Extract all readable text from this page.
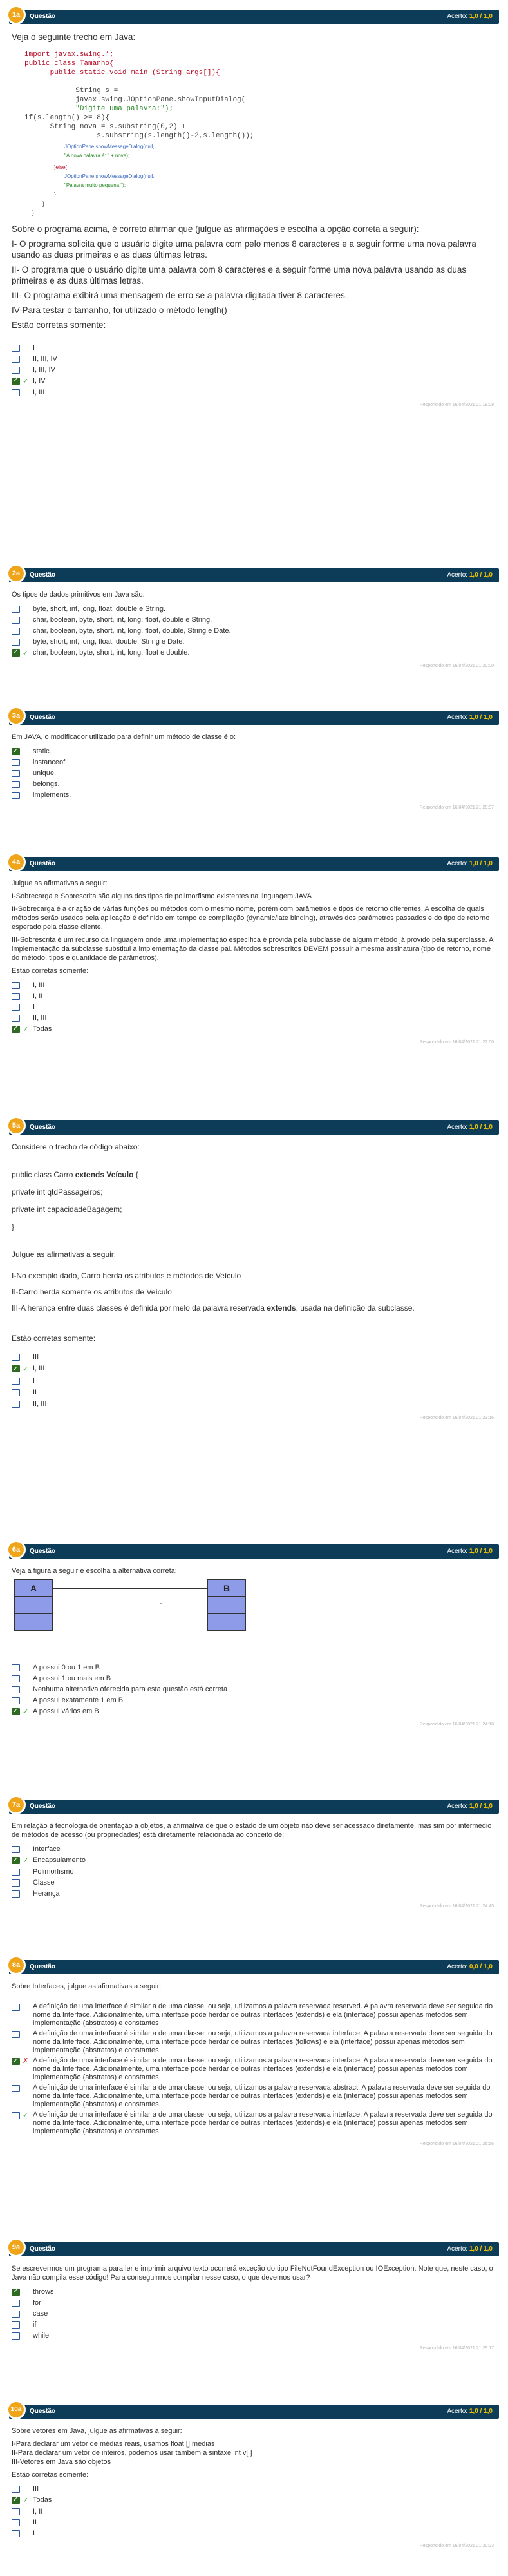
1a	Questão	Acerto: 1,0 / 1,0

Veja o seguinte trecho em Java:

import javax.swing.*;
public class Tamanho{
public static void main (String args[]){

String s =
javax.swing.JOptionPane.showInputDialog(
"Digite uma palavra:");
if(s.length() >= 8){
String nova = s.substring(0,2) +
s.substring(s.length()-2,s.length());

JOptionPane.showMessageDialog(null,
"A nova palavra é: " + nova);
}else{
JOptionPane.showMessageDialog(null,
"Palavra muito pequena.");
}
}
}

Sobre o programa acima, é correto afirmar que (julgue as afirmações e escolha a opção correta a seguir):

I- O programa solicita que o usuário digite uma palavra com pelo menos 8 caracteres e a seguir forme uma nova palavra usando as duas primeiras e as duas últimas letras.

II- O programa que o usuário digite uma palavra com 8 caracteres e a seguir forme uma nova palavra usando as duas primeiras e as duas últimas letras.

III- O programa exibirá uma mensagem de erro se a palavra digitada tiver 8 caracteres.

IV-Para testar o tamanho, foi utilizado o método length()

Estão corretas somente:

I
II, III, IV
I, III, IV
✓
✓ I, IV
I, III
Respondido em 16/04/2021 21:19:08
2a	Questão	Acerto: 1,0 / 1,0

Os tipos de dados primitivos em Java são:

byte, short, int, long, float, double e String.
char, boolean, byte, short, int, long, float, double e String.
char, boolean, byte, short, int, long, float, double, String e Date.
byte, short, int, long, float, double, String e Date.
✓
✓ char, boolean, byte, short, int, long, float e double.
Respondido em 16/04/2021 21:20:00
3a	Questão	Acerto: 1,0 / 1,0

Em JAVA, o modificador utilizado para definir um método de classe é o:

✓
static.
instanceof.
unique.
belongs.
implements.
Respondido em 16/04/2021 21:20:37
4a	Questão	Acerto: 1,0 / 1,0

Julgue as afirmativas a seguir:

I-Sobrecarga e Sobrescrita são alguns dos tipos de polimorfismo existentes na linguagem JAVA

II-Sobrecarga é a criação de várias funções ou métodos com o mesmo nome, porém com parâmetros e tipos de retorno diferentes. A escolha de quais métodos serão usados pela aplicação é definido em tempo de compilação (dynamic/late binding), através dos parâmetros passados e do tipo de retorno esperado pela classe cliente.

III-Sobrescrita é um recurso da linguagem onde uma implementação específica é provida pela subclasse de algum método já provido pela superclasse. A implementação da subclasse substitui a implementação da classe pai. Métodos sobrescritos DEVEM possuir a mesma assinatura (tipo de retorno, nome do método, tipos e quantidade de parâmetros).

Estão corretas somente:

I, III
I, II
I
II, III
✓
✓ Todas
Respondido em 16/04/2021 21:22:00
5a	Questão	Acerto: 1,0 / 1,0

Considere o trecho de código abaixo:

public class Carro extends Veículo {

private int qtdPassageiros;

private int capacidadeBagagem;

}

Julgue as afirmativas a seguir:

I-No exemplo dado, Carro herda os atributos e métodos de Veículo

II-Carro herda somente os atributos de Veículo

III-A herança entre duas classes é definida por melo da palavra reservada extends, usada na definição da subclasse.

Estão corretas somente:

III
✓
✓ I, III
I
II
II, III
Respondido em 16/04/2021 21:23:16
6a	Questão	Acerto: 1,0 / 1,0

Veja a figura a seguir e escolha a alternativa correta:

A
-
B
A possui 0 ou 1 em B
A possui 1 ou mais em B
Nenhuma alternativa oferecida para esta questão está correta
A possui exatamente 1 em B
✓
✓ A possui vários em B
Respondido em 16/04/2021 21:24:18
7a	Questão	Acerto: 1,0 / 1,0

Em relação à tecnologia de orientação a objetos, a afirmativa de que o estado de um objeto não deve ser acessado diretamente, mas sim por intermédio de métodos de acesso (ou propriedades) está diretamente relacionada ao conceito de:

Interface
✓
✓ Encapsulamento
Polimorfismo
Classe
Herança
Respondido em 16/04/2021 21:24:45
8a	Questão	Acerto: 0,0 / 1,0

Sobre Interfaces, julgue as afirmativas a seguir:

A definição de uma interface é similar a de uma classe, ou seja, utilizamos a palavra reservada reserved. A palavra reservada deve ser seguida do nome da Interface. Adicionalmente, uma interface pode herdar de outras interfaces (extends) e ela (interface) possui apenas métodos sem implementação (abstratos) e constantes
A definição de uma interface é similar a de uma classe, ou seja, utilizamos a palavra reservada interface. A palavra reservada deve ser seguida do nome da Interface. Adicionalmente, uma interface pode herdar de outras interfaces (follows) e ela (interface) possui apenas métodos sem implementação (abstratos) e constantes
✓
✗ A definição de uma interface é similar a de uma classe, ou seja, utilizamos a palavra reservada interface. A palavra reservada deve ser seguida do nome da Interface. Adicionalmente, uma interface pode herdar de outras interfaces (extends) e ela (interface) possui apenas métodos com implementação (abstratos) e constantes
A definição de uma interface é similar a de uma classe, ou seja, utilizamos a palavra reservada abstract. A palavra reservada deve ser seguida do nome da Interface. Adicionalmente, uma interface pode herdar de outras interfaces (extends) e ela (interface) possui apenas métodos sem implementação (abstratos) e constantes
✓ A definição de uma interface é similar a de uma classe, ou seja, utilizamos a palavra reservada interface. A palavra reservada deve ser seguida do nome da Interface. Adicionalmente, uma interface pode herdar de outras interfaces (extends) e ela (interface) possui apenas métodos sem implementação (abstratos) e constantes
Respondido em 16/04/2021 21:26:56
9a	Questão	Acerto: 1,0 / 1,0

Se escrevermos um programa para ler e imprimir arquivo texto ocorrerá exceção do tipo FileNotFoundException ou IOException. Note que, neste caso, o Java não compila esse código! Para conseguirmos compilar nesse caso, o que devemos usar?

✓
throws
for
case
if
while
Respondido em 16/04/2021 21:29:17
10a	Questão	Acerto: 1,0 / 1,0

Sobre vetores em Java, julgue as afirmativas a seguir:

I-Para declarar um vetor de médias reais, usamos float [] medias

II-Para declarar um vetor de inteiros, podemos usar também a sintaxe int v[ ]

III-Vetores em Java são objetos

Estão corretas somente:

III
✓
✓ Todas
I, II
II
I
Respondido em 16/04/2021 21:30:23
